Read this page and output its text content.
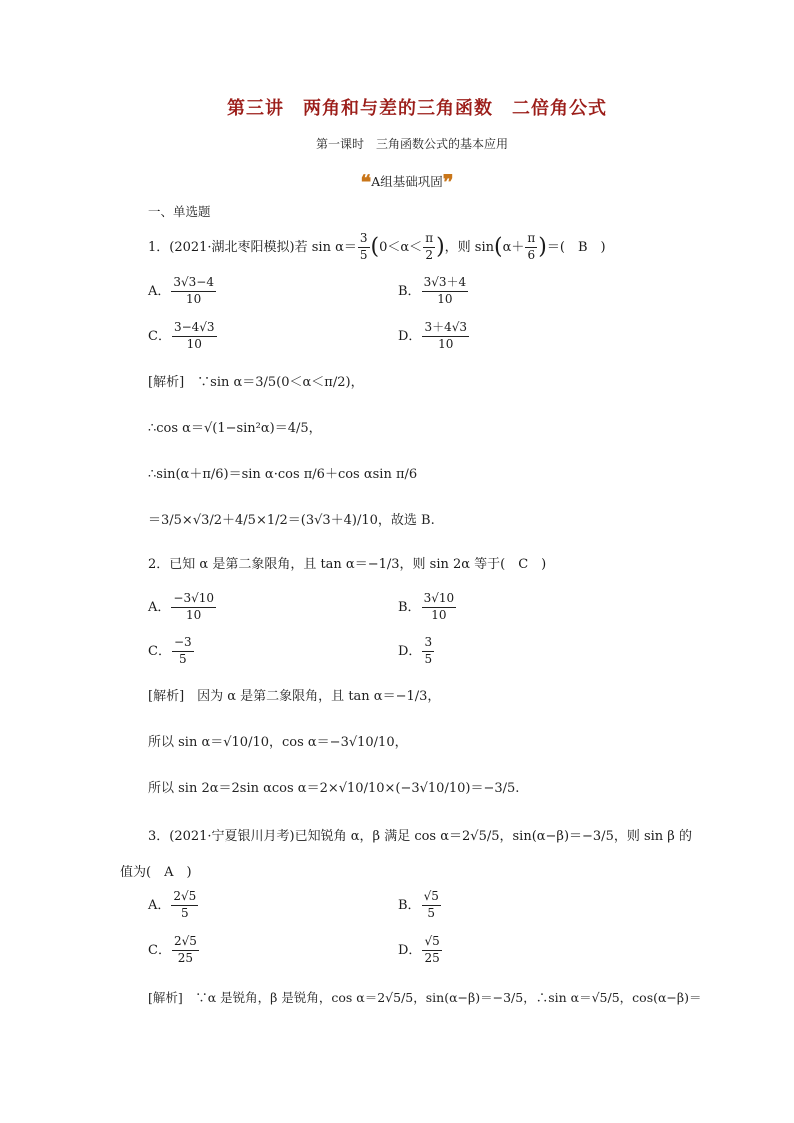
第三讲　两角和与差的三角函数　二倍角公式
第一课时　三角函数公式的基本应用
❝A组基础巩固❞
一、单选题
1．(2021·湖北枣阳模拟)若 $\sin \alpha= \frac{3}{5} (0<\alpha< \frac{\pi}{2}$ )，则 $\sin(\alpha+ \frac{\pi}{6}$ )＝(　B　)
A． $\frac{3√3-4}{10}$	B． $\frac{3√3+4}{10}$
C． $\frac{3-4√3}{10}$	D． $\frac{3+4√3}{10}$
[解析]　∵sin α＝3/5(0＜α＜π/2)，
∴cos α＝√(1−sin²α)＝4/5，
∴sin(α＋π/6)＝sin α·cos π/6＋cos αsin π/6
＝3/5×√3/2＋4/5×1/2＝(3√3＋4)/10，故选 B.
2．已知 α 是第二象限角，且 tan α＝−1/3，则 sin 2α 等于(　C　)
A． $\frac{-3√10}{10}$	B． $\frac{3√10}{10}$
C． $\frac{-3}{5}$	D． $\frac{3}{5}$
[解析]　因为 α 是第二象限角，且 tan α＝−1/3，
所以 sin α＝√10/10，cos α＝−3√10/10，
所以 sin 2α＝2sin αcos α＝2×√10/10×(−3√10/10)＝−3/5.
3．(2021·宁夏银川月考)已知锐角 α，β 满足 cos α＝2√5/5，sin(α−β)＝−3/5，则 sin β 的
值为(　A　)
A． $\frac{2√5}{5}$	B． $\frac{√5}{5}$
C． $\frac{2√5}{25}$	D． $\frac{√5}{25}$
[解析]　∵α 是锐角，β 是锐角，cos α＝2√5/5，sin(α−β)＝−3/5，∴sin α＝√5/5，cos(α−β)＝
